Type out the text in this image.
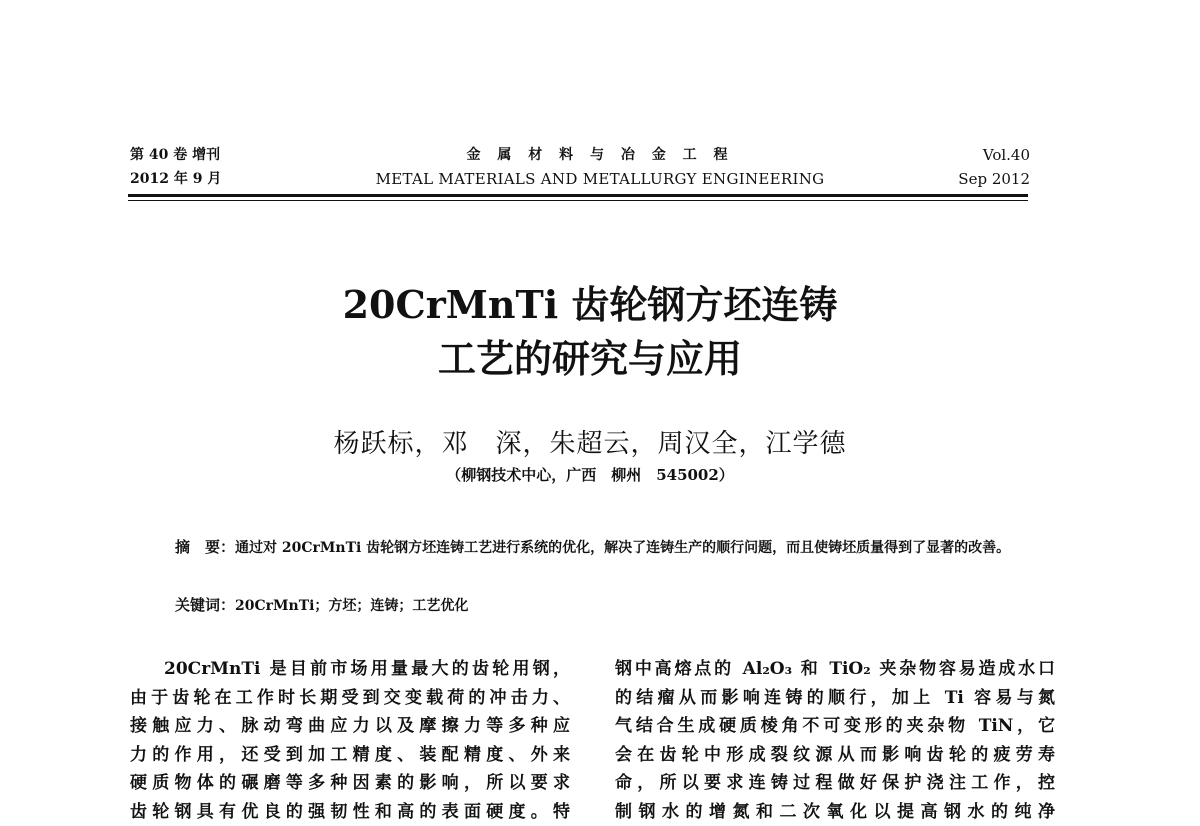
第 40 卷 增刊
2012 年 9 月
金 属 材 料 与 冶 金 工 程
METAL MATERIALS AND METALLURGY ENGINEERING
Vol.40
Sep 2012
20CrMnTi 齿轮钢方坯连铸
工艺的研究与应用
杨跃标，邓　深，朱超云，周汉全，江学德
（柳钢技术中心，广西　柳州　545002）
摘　要：通过对 20CrMnTi 齿轮钢方坯连铸工艺进行系统的优化，解决了连铸生产的顺行问题，而且使铸坯质量得到了显著的改善。
关键词：20CrMnTi；方坯；连铸；工艺优化
20CrMnTi 是目前市场用量最大的齿轮用钢，
由于齿轮在工作时长期受到交变载荷的冲击力、
接触应力、脉动弯曲应力以及摩擦力等多种应
力的作用，还受到加工精度、装配精度、外来
硬质物体的碾磨等多种因素的影响，所以要求
齿轮钢具有优良的强韧性和高的表面硬度。特
钢中高熔点的 Al₂O₃ 和 TiO₂ 夹杂物容易造成水口
的结瘤从而影响连铸的顺行，加上 Ti 容易与氮
气结合生成硬质棱角不可变形的夹杂物 TiN，它
会在齿轮中形成裂纹源从而影响齿轮的疲劳寿
命，所以要求连铸过程做好保护浇注工作，控
制钢水的增氮和二次氧化以提高钢水的纯净
